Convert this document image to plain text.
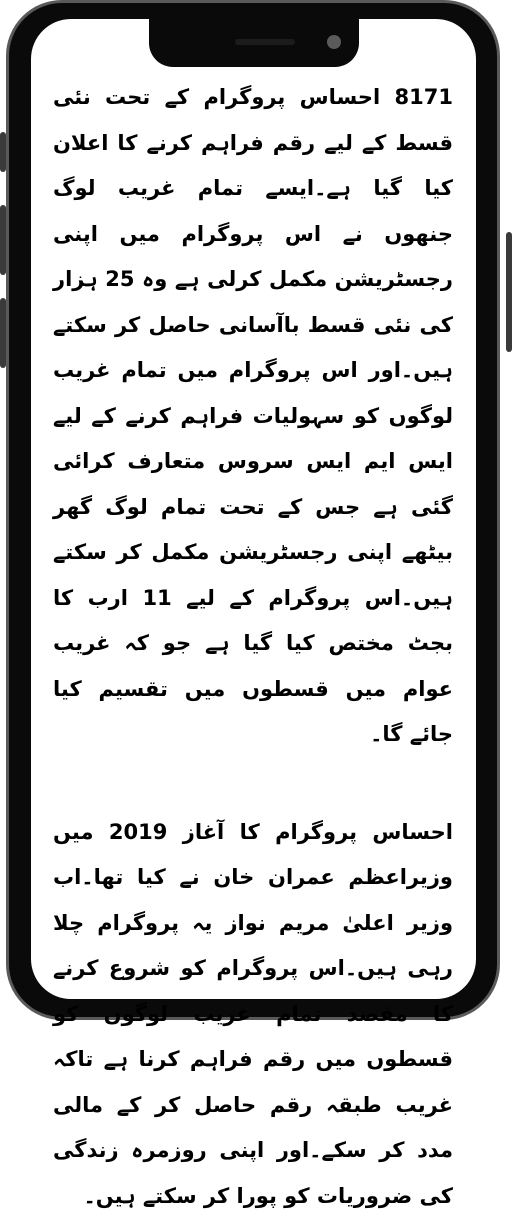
8171 احساس پروگرام کے تحت نئی قسط کے لیے رقم فراہم کرنے کا اعلان کیا گیا ہے۔ایسے تمام غریب لوگ جنھوں نے اس پروگرام میں اپنی رجسٹریشن مکمل کرلی ہے وہ 25 ہزار کی نئی قسط باآسانی حاصل کر سکتے ہیں۔اور اس پروگرام میں تمام غریب لوگوں کو سہولیات فراہم کرنے کے لیے ایس ایم ایس سروس متعارف کرائی گئی ہے جس کے تحت تمام لوگ گھر بیٹھے اپنی رجسٹریشن مکمل کر سکتے ہیں۔اس پروگرام کے لیے 11 ارب کا بجٹ مختص کیا گیا ہے جو کہ غریب عوام میں قسطوں میں تقسیم کیا جائے گا۔

احساس پروگرام کا آغاز 2019 میں وزیراعظم عمران خان نے کیا تھا۔اب وزیر اعلیٰ مریم نواز یہ پروگرام چلا رہی ہیں۔اس پروگرام کو شروع کرنے کا مقصد تمام غریب لوگوں کو قسطوں میں رقم فراہم کرنا ہے تاکہ غریب طبقہ رقم حاصل کر کے مالی مدد کر سکے۔اور اپنی روزمرہ زندگی کی ضروریات کو پورا کر سکتے ہیں۔
